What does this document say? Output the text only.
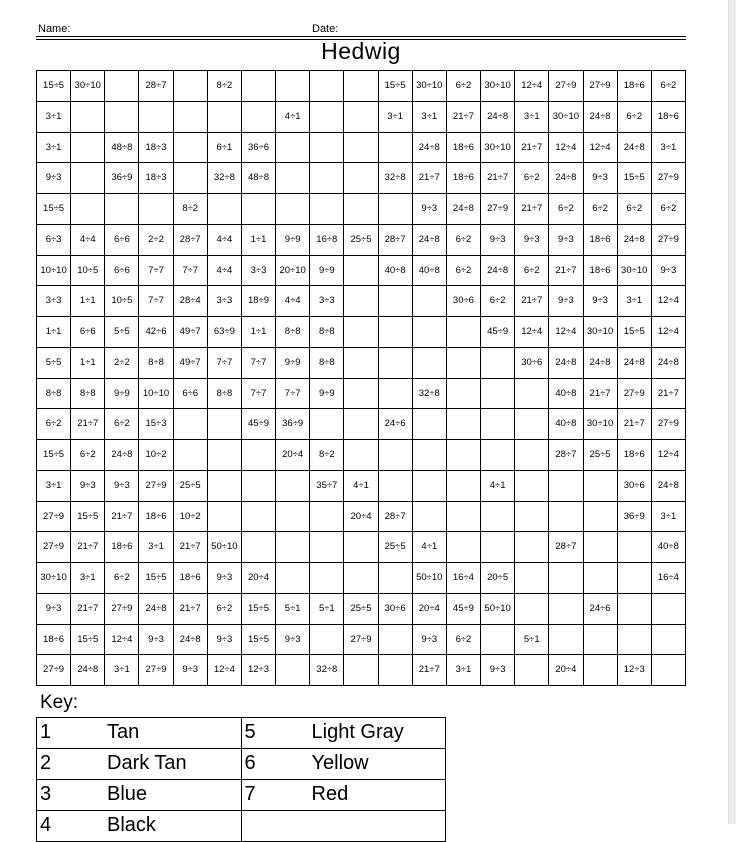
Name:	Date:
Hedwig
15÷5	30÷10		28÷7		8÷2					15÷5	30÷10	6÷2	30÷10	12÷4	27÷9	27÷9	18÷6	6÷2
3÷1							4÷1			3÷1	3÷1	21÷7	24÷8	3÷1	30÷10	24÷8	6÷2	18÷6
3÷1		48÷8	18÷3		6÷1	36÷6					24÷8	18÷6	30÷10	21÷7	12÷4	12÷4	24÷8	3÷1
9÷3		36÷9	18÷3		32÷8	48÷8				32÷8	21÷7	18÷6	21÷7	6÷2	24÷8	9÷3	15÷5	27÷9
15÷5				8÷2							9÷3	24÷8	27÷9	21÷7	6÷2	6÷2	6÷2	6÷2
6÷3	4÷4	6÷6	2÷2	28÷7	4÷4	1÷1	9÷9	16÷8	25÷5	28÷7	24÷8	6÷2	9÷3	9÷3	9÷3	18÷6	24÷8	27÷9
10÷10	10÷5	6÷6	7÷7	7÷7	4÷4	3÷3	20÷10	9÷9		40÷8	40÷8	6÷2	24÷8	6÷2	21÷7	18÷6	30÷10	9÷3
3÷3	1÷1	10÷5	7÷7	28÷4	3÷3	18÷9	4÷4	3÷3				30÷6	6÷2	21÷7	9÷3	9÷3	3÷1	12÷4
1÷1	6÷6	5÷5	42÷6	49÷7	63÷9	1÷1	8÷8	8÷8					45÷9	12÷4	12÷4	30÷10	15÷5	12÷4
5÷5	1÷1	2÷2	8÷8	49÷7	7÷7	7÷7	9÷9	8÷8						30÷6	24÷8	24÷8	24÷8	24÷8
8÷8	8÷8	9÷9	10÷10	6÷6	8÷8	7÷7	7÷7	9÷9			32÷8				40÷8	21÷7	27÷9	21÷7
6÷2	21÷7	6÷2	15÷3			45÷9	36÷9			24÷6					40÷8	30÷10	21÷7	27÷9
15÷5	6÷2	24÷8	10÷2				20÷4	8÷2							28÷7	25÷5	18÷6	12÷4
3÷1	9÷3	9÷3	27÷9	25÷5				35÷7	4÷1				4÷1				30÷6	24÷8
27÷9	15÷5	21÷7	18÷6	10÷2					20÷4	28÷7							36÷9	3÷1
27÷9	21÷7	18÷6	3÷1	21÷7	50÷10					25÷5	4÷1				28÷7			40÷8
30÷10	3÷1	6÷2	15÷5	18÷6	9÷3	20÷4					50÷10	16÷4	20÷5					16÷4
9÷3	21÷7	27÷9	24÷8	21÷7	6÷2	15÷5	5÷1	5÷1	25÷5	30÷6	20÷4	45÷9	50÷10			24÷6		
18÷6	15÷5	12÷4	9÷3	24÷8	9÷3	15÷5	9÷3		27÷9		9÷3	6÷2		5÷1				
27÷9	24÷8	3÷1	27÷9	9÷3	12÷4	12÷3		32÷8			21÷7	3÷1	9÷3		20÷4		12÷3	
Key:
1 Tan	5 Light Gray

2 Dark Tan	6 Yellow

3 Blue	7 Red

4 Black	
